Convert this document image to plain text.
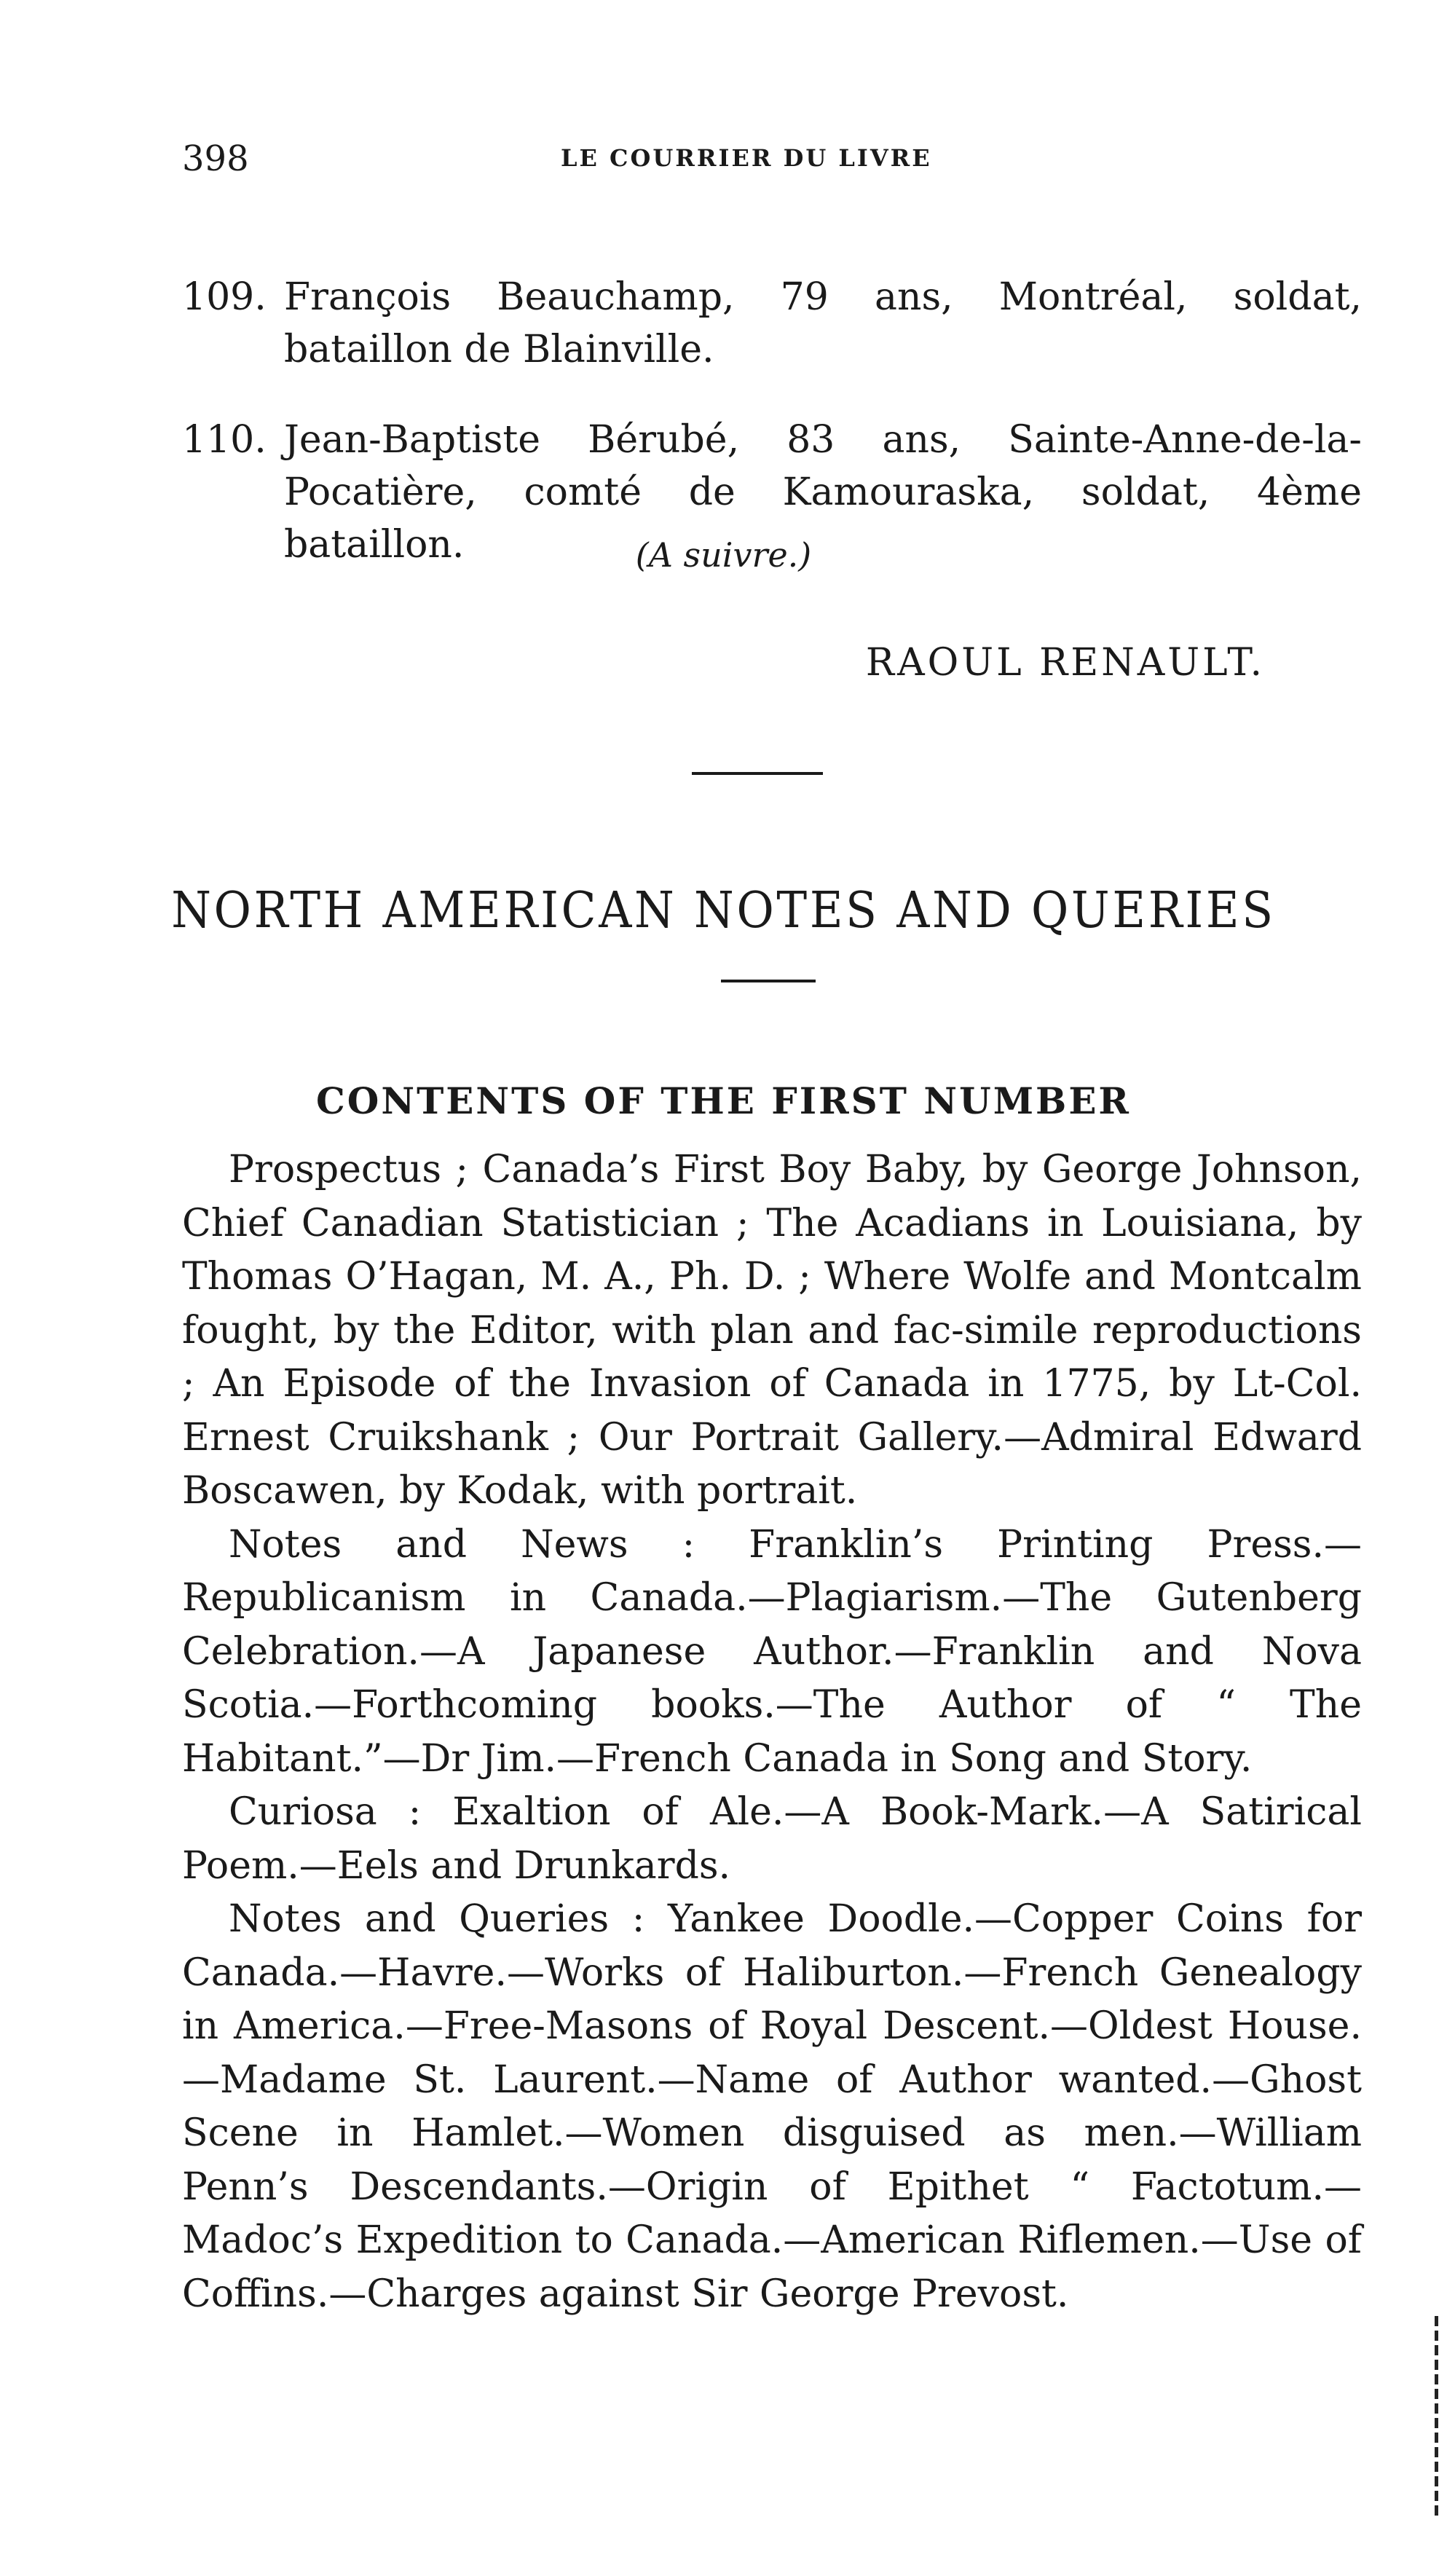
398	LE COURRIER DU LIVRE

109. François Beauchamp, 79 ans, Montréal, soldat, bataillon de Blainville.

110. Jean-Baptiste Bérubé, 83 ans, Sainte-Anne-de-la-Pocatière, comté de Kamouraska, soldat, 4ème bataillon.	(A suivre.)
RAOUL RENAULT.
NORTH AMERICAN NOTES AND QUERIES
CONTENTS OF THE FIRST NUMBER

Prospectus ; Canada’s First Boy Baby, by George Johnson, Chief Canadian Statistician ; The Acadians in Louisiana, by Thomas O’Hagan, M. A., Ph. D. ; Where Wolfe and Montcalm fought, by the Editor, with plan and fac-simile reproductions ; An Episode of the Invasion of Canada in 1775, by Lt-Col. Ernest Cruikshank ; Our Portrait Gallery.—Admiral Edward Boscawen, by Kodak, with portrait.

Notes and News : Franklin’s Printing Press.—Republicanism in Canada.—Plagiarism.—The Gutenberg Celebration.—A Japanese Author.—Franklin and Nova Scotia.—Forthcoming books.—The Author of “ The Habitant.”—Dr Jim.—French Canada in Song and Story.

Curiosa : Exaltion of Ale.—A Book-Mark.—A Satirical Poem.—Eels and Drunkards.

Notes and Queries : Yankee Doodle.—Copper Coins for Canada.—Havre.—Works of Haliburton.—French Genealogy in America.—Free-Masons of Royal Descent.—Oldest House.—Madame St. Laurent.—Name of Author wanted.—Ghost Scene in Hamlet.—Women disguised as men.—William Penn’s Descendants.—Origin of Epithet “ Factotum.—Madoc’s Expedition to Canada.—American Riflemen.—Use of Coffins.—Charges against Sir George Prevost.
